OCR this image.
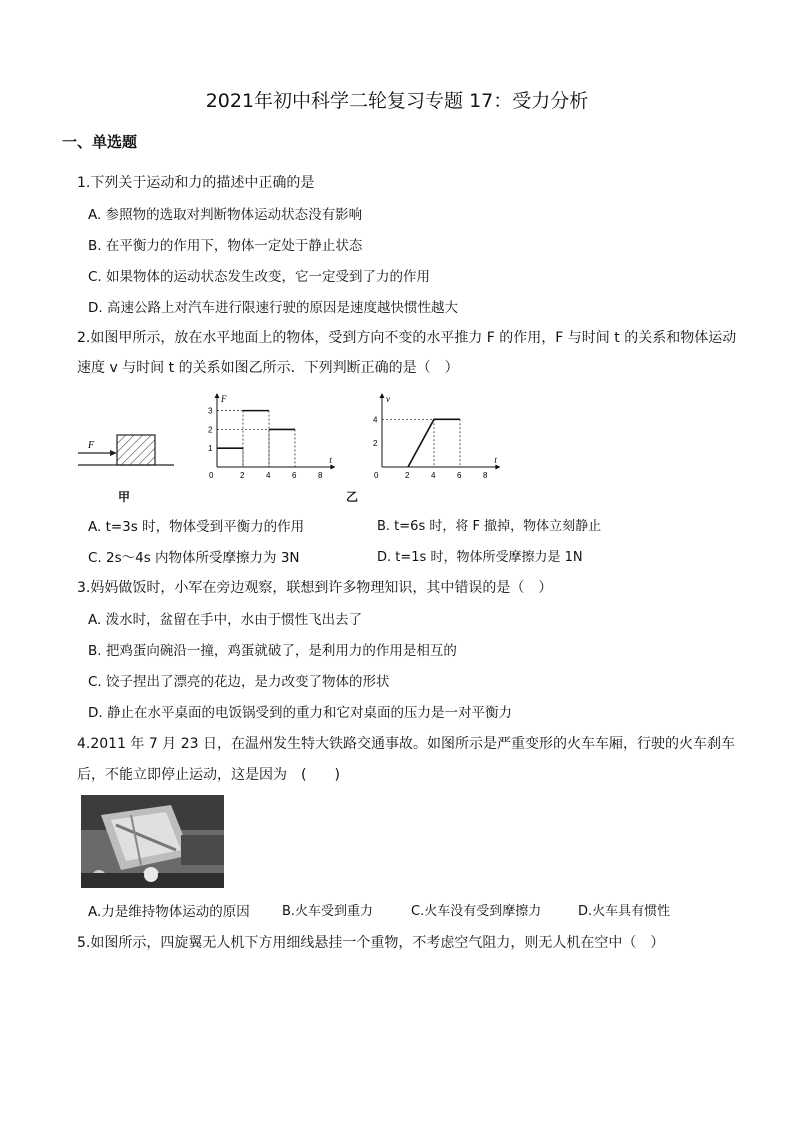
2021年初中科学二轮复习专题 17：受力分析
一、单选题
1.下列关于运动和力的描述中正确的是
A. 参照物的选取对判断物体运动状态没有影响
B. 在平衡力的作用下，物体一定处于静止状态
C. 如果物体的运动状态发生改变，它一定受到了力的作用
D. 高速公路上对汽车进行限速行驶的原因是速度越快惯性越大
2.如图甲所示，放在水平地面上的物体，受到方向不变的水平推力 F 的作用，F 与时间 t 的关系和物体运动
速度 v 与时间 t 的关系如图乙所示．下列判断正确的是（　）
F
甲
F
t
0	2	4	6	8
1
2
3
v
t
0	2	4	6	8
2
4
乙
A. t=3s 时，物体受到平衡力的作用	B. t=6s 时，将 F 撤掉，物体立刻静止
C. 2s～4s 内物体所受摩擦力为 3N	D. t=1s 时，物体所受摩擦力是 1N
3.妈妈做饭时，小军在旁边观察，联想到许多物理知识，其中错误的是（　）
A. 泼水时，盆留在手中，水由于惯性飞出去了
B. 把鸡蛋向碗沿一撞，鸡蛋就破了，是利用力的作用是相互的
C. 饺子捏出了漂亮的花边，是力改变了物体的形状
D. 静止在水平桌面的电饭锅受到的重力和它对桌面的压力是一对平衡力
4.2011 年 7 月 23 日，在温州发生特大铁路交通事故。如图所示是严重变形的火车车厢，行驶的火车刹车
后，不能立即停止运动，这是因为　(　　)
A.力是维持物体运动的原因 B.火车受到重力	C.火车没有受到摩擦力	D.火车具有惯性
5.如图所示，四旋翼无人机下方用细线悬挂一个重物，不考虑空气阻力，则无人机在空中（　）
